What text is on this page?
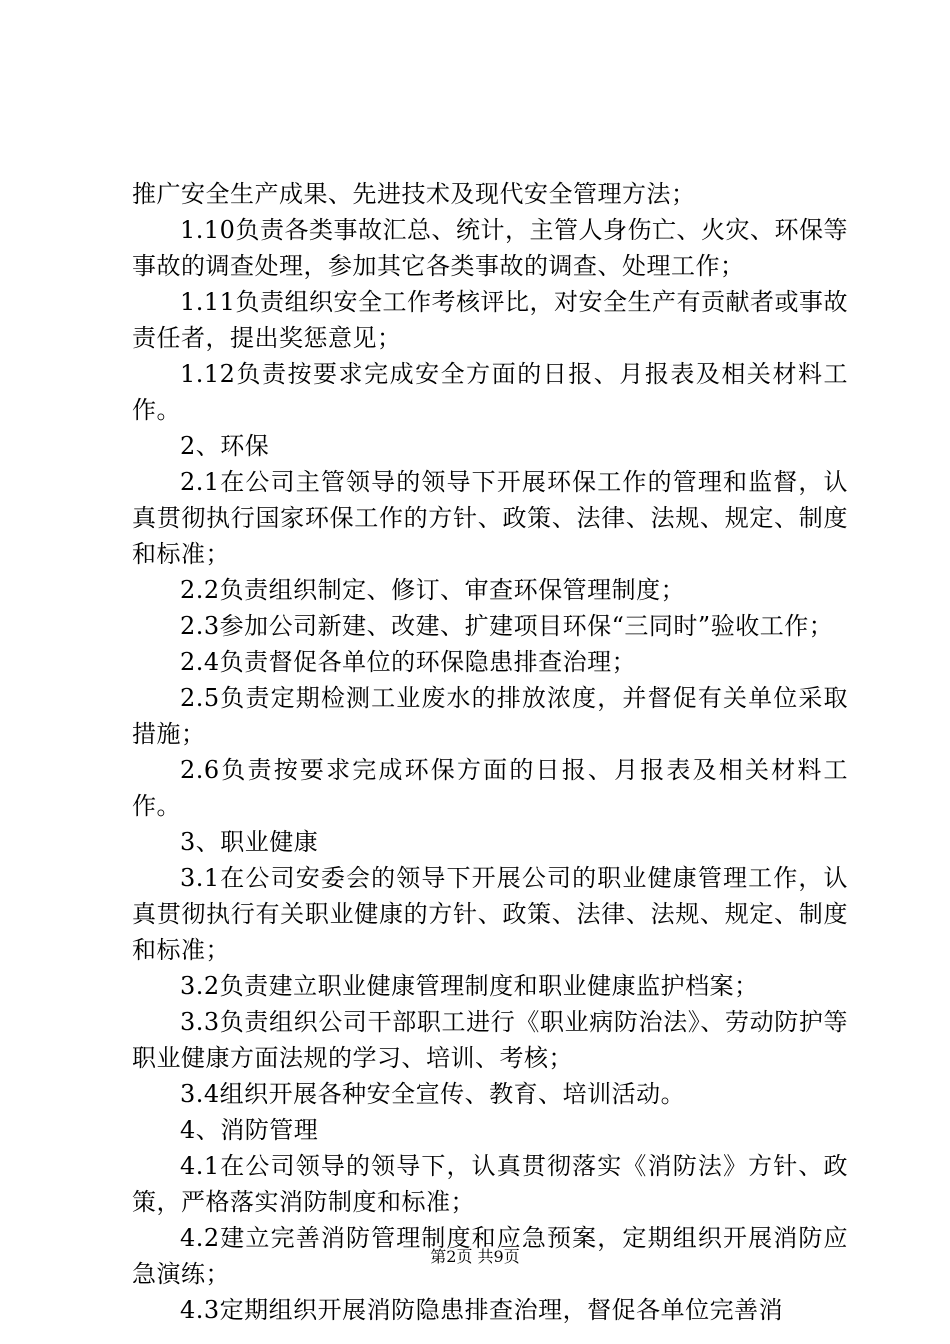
推广安全生产成果、先进技术及现代安全管理方法；

1.10负责各类事故汇总、统计，主管人身伤亡、火灾、环保等事故的调查处理，参加其它各类事故的调查、处理工作；

1.11负责组织安全工作考核评比，对安全生产有贡献者或事故责任者，提出奖惩意见；

1.12负责按要求完成安全方面的日报、月报表及相关材料工作。

2、环保

2.1在公司主管领导的领导下开展环保工作的管理和监督，认真贯彻执行国家环保工作的方针、政策、法律、法规、规定、制度和标准；

2.2负责组织制定、修订、审查环保管理制度；

2.3参加公司新建、改建、扩建项目环保“三同时”验收工作；

2.4负责督促各单位的环保隐患排查治理；

2.5负责定期检测工业废水的排放浓度，并督促有关单位采取措施；

2.6负责按要求完成环保方面的日报、月报表及相关材料工作。

3、职业健康

3.1在公司安委会的领导下开展公司的职业健康管理工作，认真贯彻执行有关职业健康的方针、政策、法律、法规、规定、制度和标准；

3.2负责建立职业健康管理制度和职业健康监护档案；

3.3负责组织公司干部职工进行《职业病防治法》、劳动防护等职业健康方面法规的学习、培训、考核；

3.4组织开展各种安全宣传、教育、培训活动。

4、消防管理

4.1在公司领导的领导下，认真贯彻落实《消防法》方针、政策，严格落实消防制度和标准；

4.2建立完善消防管理制度和应急预案，定期组织开展消防应急演练；

4.3定期组织开展消防隐患排查治理，督促各单位完善消

第2页 共9页
